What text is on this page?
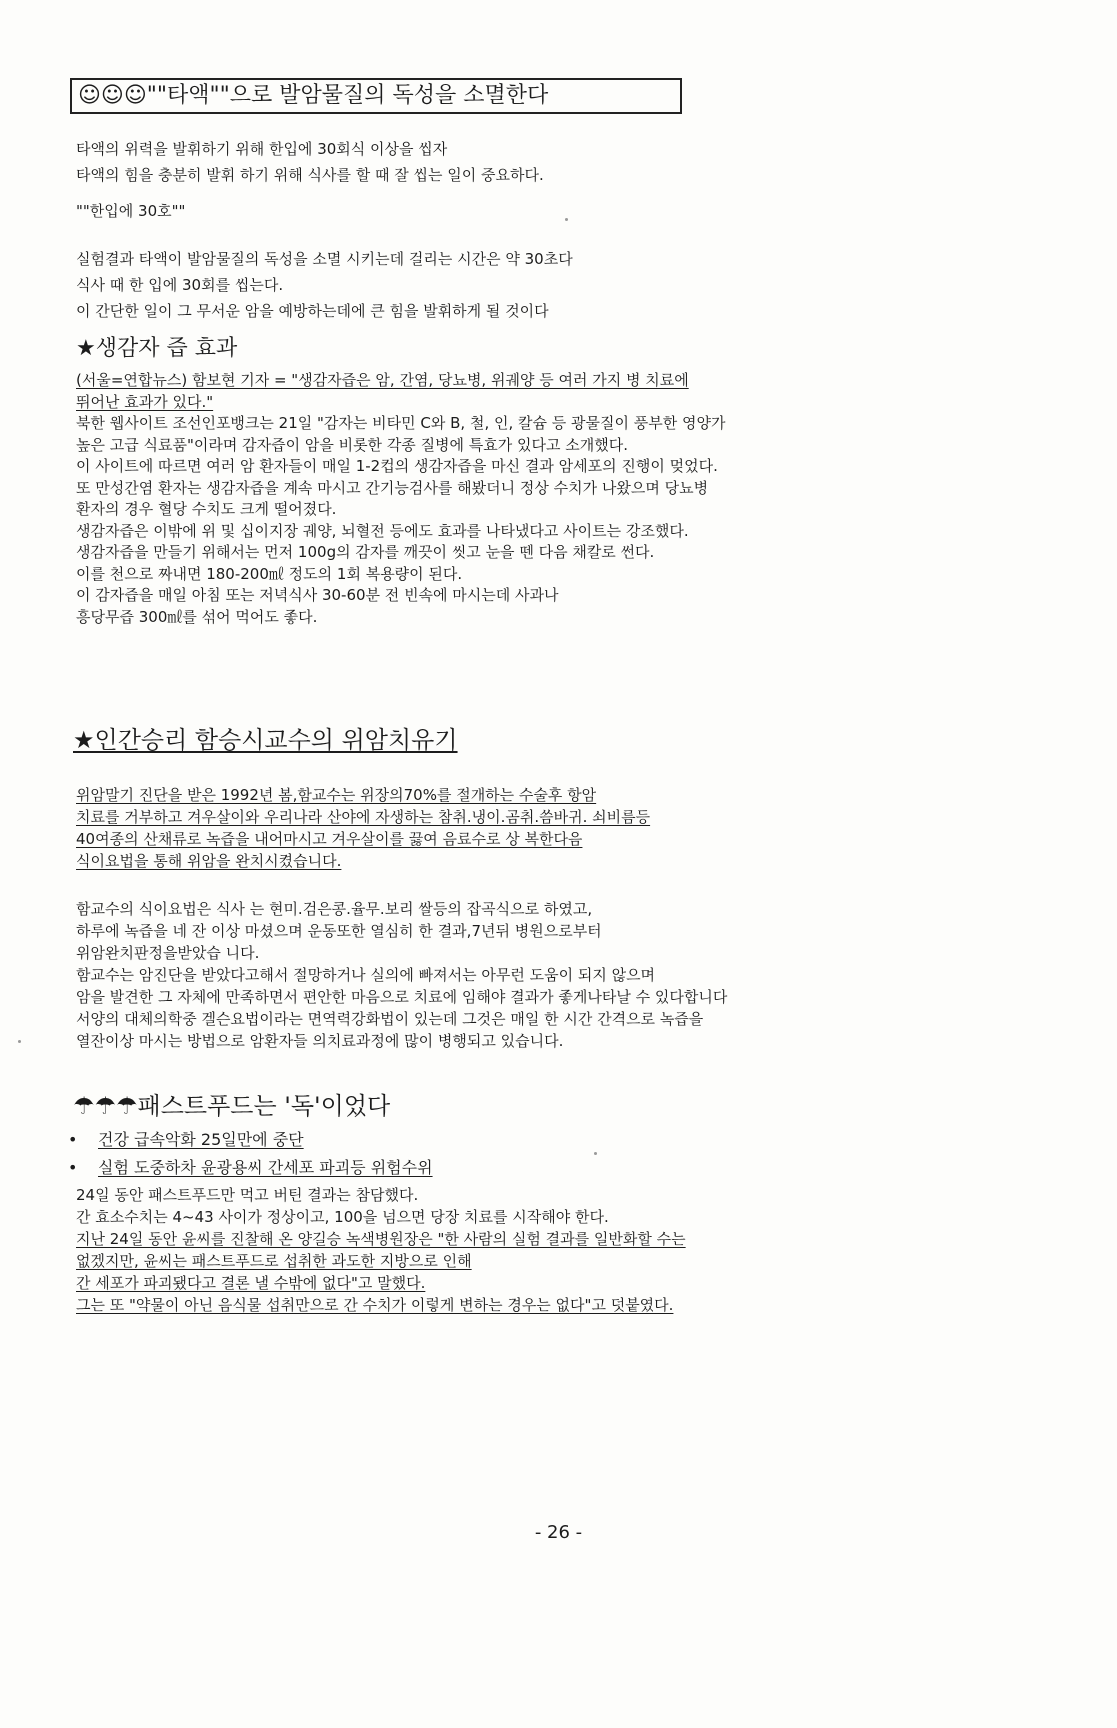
☺☺☺""타액""으로 발암물질의 독성을 소멸한다

타액의 위력을 발휘하기 위해 한입에 30회식 이상을 씹자

타액의 힘을 충분히 발휘 하기 위해 식사를 할 때 잘 씹는 일이 중요하다.

""한입에 30호""

실험결과 타액이 발암물질의 독성을 소멸 시키는데 걸리는 시간은 약 30초다

식사 때 한 입에 30회를 씹는다.

이 간단한 일이 그 무서운 암을 예방하는데에 큰 힘을 발휘하게 될 것이다

★생감자 즙 효과

(서울=연합뉴스) 함보현 기자 = "생감자즙은 암, 간염, 당뇨병, 위궤양 등 여러 가지 병 치료에

뛰어난 효과가 있다."

북한 웹사이트 조선인포뱅크는 21일 "감자는 비타민 C와 B, 철, 인, 칼슘 등 광물질이 풍부한 영양가

높은 고급 식료품"이라며 감자즙이 암을 비롯한 각종 질병에 특효가 있다고 소개했다.

이 사이트에 따르면 여러 암 환자들이 매일 1-2컵의 생감자즙을 마신 결과 암세포의 진행이 멎었다.

또 만성간염 환자는 생감자즙을 계속 마시고 간기능검사를 해봤더니 정상 수치가 나왔으며 당뇨병

환자의 경우 혈당 수치도 크게 떨어졌다.

생감자즙은 이밖에 위 및 십이지장 궤양, 뇌혈전 등에도 효과를 나타냈다고 사이트는 강조했다.

생감자즙을 만들기 위해서는 먼저 100g의 감자를 깨끗이 씻고 눈을 뗀 다음 채칼로 썬다.

이를 천으로 짜내면 180-200㎖ 정도의 1회 복용량이 된다.

이 감자즙을 매일 아침 또는 저녁식사 30-60분 전 빈속에 마시는데 사과나

흥당무즙 300㎖를 섞어 먹어도 좋다.

★인간승리 함승시교수의 위암치유기

위암말기 진단을 받은 1992년 봄,함교수는 위장의70%를 절개하는 수술후 항암

치료를 거부하고 겨우살이와 우리나라 산야에 자생하는 참취.냉이.곰취.씀바귀. 쇠비름등

40여종의 산채류로 녹즙을 내어마시고 겨우살이를 끓여 음료수로 상 복한다음

식이요법을 통해 위암을 완치시켰습니다.

함교수의 식이요법은 식사 는 현미.검은콩.율무.보리 쌀등의 잡곡식으로 하였고,

하루에 녹즙을 네 잔 이상 마셨으며 운동또한 열심히 한 결과,7년뒤 병원으로부터

위암완치판정을받았습 니다.

함교수는 암진단을 받았다고해서 절망하거나 실의에 빠져서는 아무런 도움이 되지 않으며

암을 발견한 그 자체에 만족하면서 편안한 마음으로 치료에 임해야 결과가 좋게나타날 수 있다합니다

서양의 대체의학중 겔슨요법이라는 면역력강화법이 있는데 그것은 매일 한 시간 간격으로 녹즙을

열잔이상 마시는 방법으로 암환자들 의치료과정에 많이 병행되고 있습니다.

☂☂☂패스트푸드는 '독'이었다
• 건강 급속악화 25일만에 중단
• 실험 도중하차 윤광용씨 간세포 파괴등 위험수위

24일 동안 패스트푸드만 먹고 버틴 결과는 참담했다.

간 효소수치는 4~43 사이가 정상이고, 100을 넘으면 당장 치료를 시작해야 한다.

지난 24일 동안 윤씨를 진찰해 온 양길승 녹색병원장은 "한 사람의 실험 결과를 일반화할 수는

없겠지만, 윤씨는 패스트푸드로 섭취한 과도한 지방으로 인해

간 세포가 파괴됐다고 결론 낼 수밖에 없다"고 말했다.

그는 또 "약물이 아닌 음식물 섭취만으로 간 수치가 이렇게 변하는 경우는 없다"고 덧붙였다.

- 26 -
